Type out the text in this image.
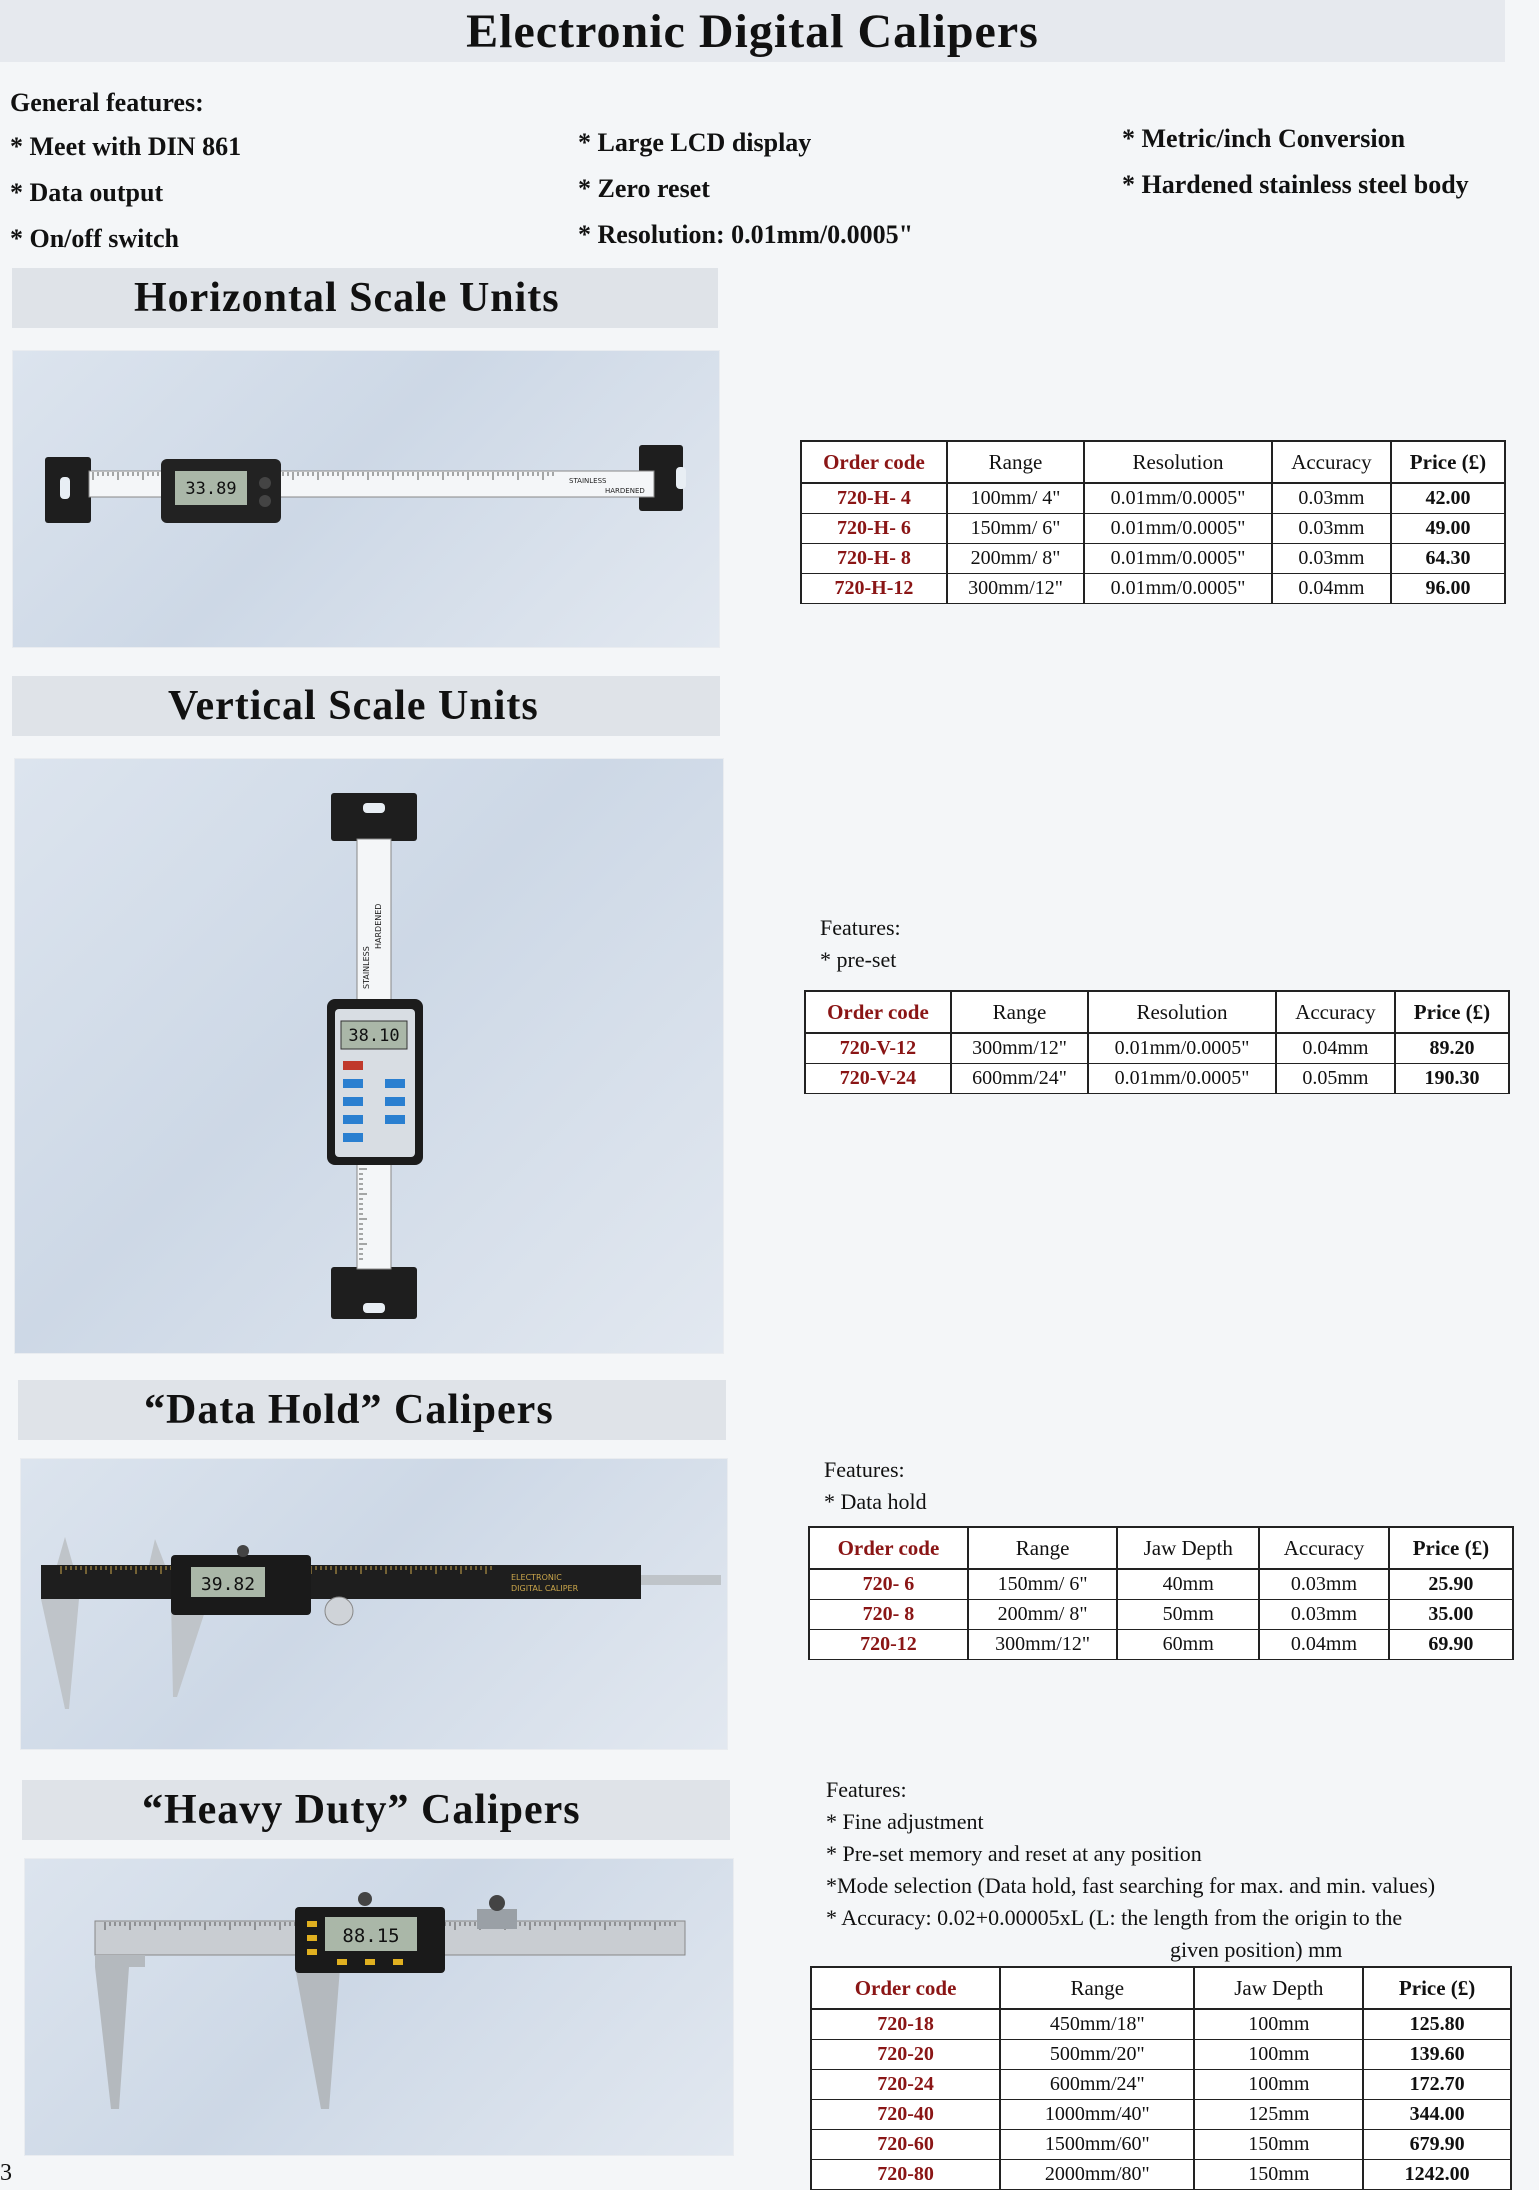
Electronic Digital Calipers
General features:
* Meet with DIN 861
* Data output
* On/off switch
* Large LCD display
* Zero reset
* Resolution: 0.01mm/0.0005"
* Metric/inch Conversion
* Hardened stainless steel body
Horizontal Scale Units
STAINLESS
HARDENED
33.89
Order code	Range	Resolution	Accuracy	Price (£)
720-H- 4	100mm/ 4"	0.01mm/0.0005"	0.03mm	42.00
720-H- 6	150mm/ 6"	0.01mm/0.0005"	0.03mm	49.00
720-H- 8	200mm/ 8"	0.01mm/0.0005"	0.03mm	64.30
720-H-12	300mm/12"	0.01mm/0.0005"	0.04mm	96.00
Vertical Scale Units
STAINLESS
HARDENED
38.10
Features:
* pre-set
Order code	Range	Resolution	Accuracy	Price (£)
720-V-12	300mm/12"	0.01mm/0.0005"	0.04mm	89.20
720-V-24	600mm/24"	0.01mm/0.0005"	0.05mm	190.30
“Data Hold” Calipers
ELECTRONIC
DIGITAL CALIPER
39.82
Features:
* Data hold
Order code	Range	Jaw Depth	Accuracy	Price (£)
720- 6	150mm/ 6"	40mm	0.03mm	25.90
720- 8	200mm/ 8"	50mm	0.03mm	35.00
720-12	300mm/12"	60mm	0.04mm	69.90
“Heavy Duty” Calipers
88.15
Features:
* Fine adjustment
* Pre-set memory and reset at any position
*Mode selection (Data hold, fast searching for max. and min. values)
* Accuracy: 0.02+0.00005xL (L: the length from the origin to the
given position) mm
Order code	Range	Jaw Depth	Price (£)
720-18	450mm/18"	100mm	125.80
720-20	500mm/20"	100mm	139.60
720-24	600mm/24"	100mm	172.70
720-40	1000mm/40"	125mm	344.00
720-60	1500mm/60"	150mm	679.90
720-80	2000mm/80"	150mm	1242.00
3
